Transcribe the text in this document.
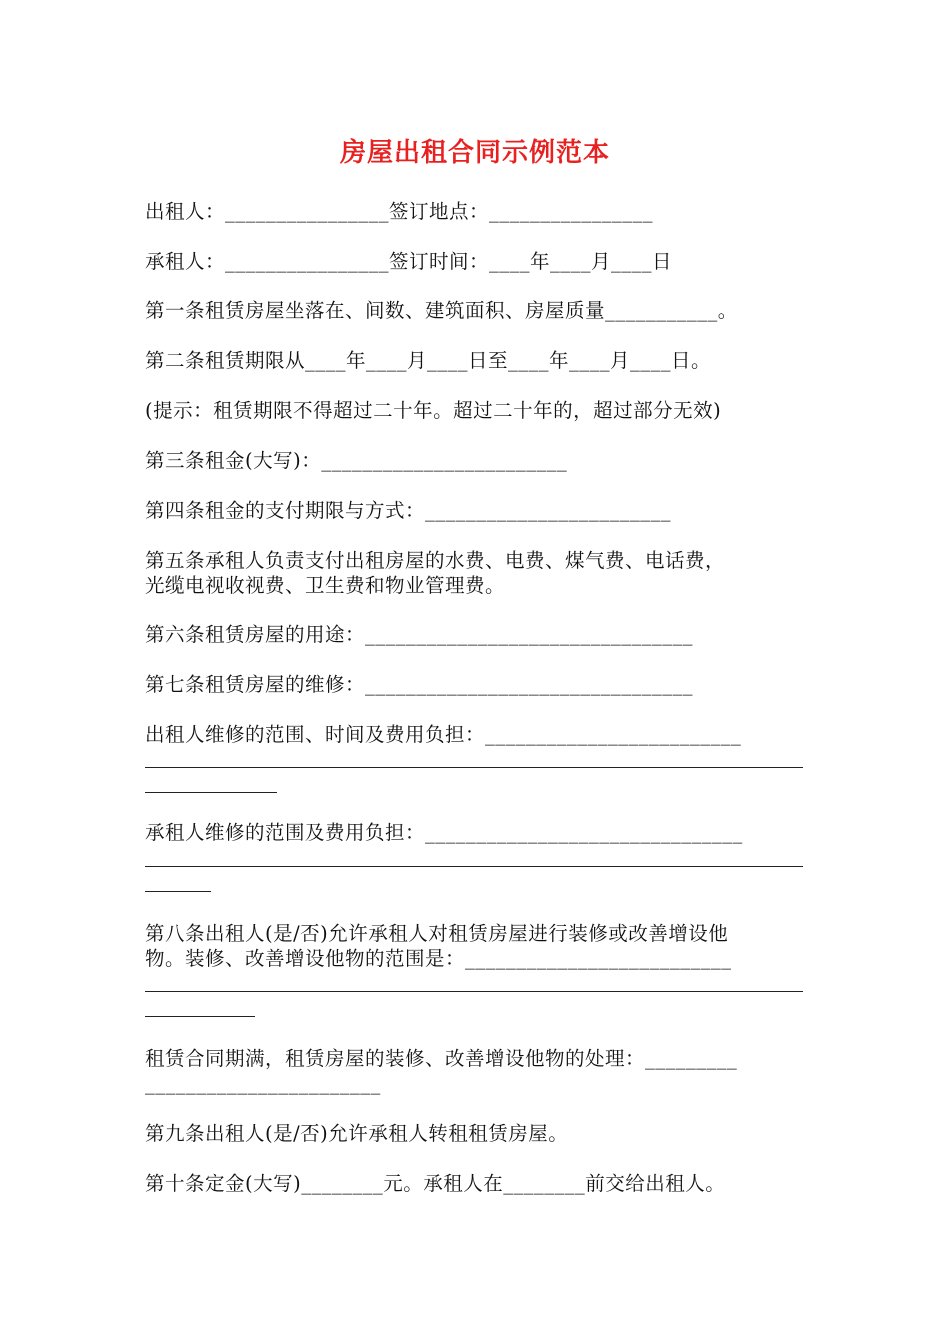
房屋出租合同示例范本
出租人：________________签订地点：________________
承租人：________________签订时间：____年____月____日
第一条租赁房屋坐落在、间数、建筑面积、房屋质量___________。
第二条租赁期限从____年____月____日至____年____月____日。
(提示：租赁期限不得超过二十年。超过二十年的，超过部分无效)
第三条租金(大写)：________________________
第四条租金的支付期限与方式：________________________
第五条承租人负责支付出租房屋的水费、电费、煤气费、电话费，
光缆电视收视费、卫生费和物业管理费。
第六条租赁房屋的用途：________________________________
第七条租赁房屋的维修：________________________________
出租人维修的范围、时间及费用负担：_________________________
承租人维修的范围及费用负担：_______________________________
第八条出租人(是/否)允许承租人对租赁房屋进行装修或改善增设他
物。装修、改善增设他物的范围是：__________________________
租赁合同期满，租赁房屋的装修、改善增设他物的处理：_________
_______________________
第九条出租人(是/否)允许承租人转租租赁房屋。
第十条定金(大写)________元。承租人在________前交给出租人。
